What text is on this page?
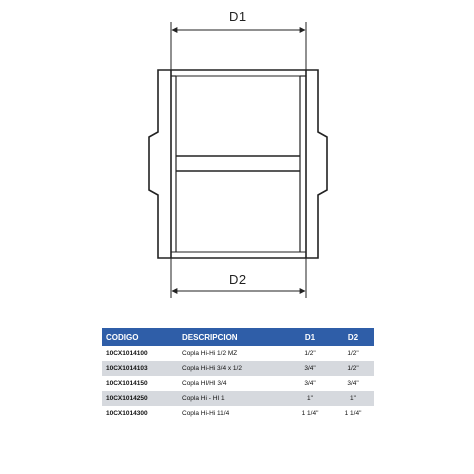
D1
D2
CODIGO	DESCRIPCION	D1	D2
10CX1014100	Copla Hi-Hi 1/2 MZ	1/2"	1/2"
10CX1014103	Copla Hi-Hi 3/4 x 1/2	3/4"	1/2"
10CX1014150	Copla HI/HI 3/4	3/4"	3/4"
10CX1014250	Copla Hi - HI 1	1"	1"
10CX1014300	Copla Hi-Hi 11/4	1 1/4"	1 1/4"
